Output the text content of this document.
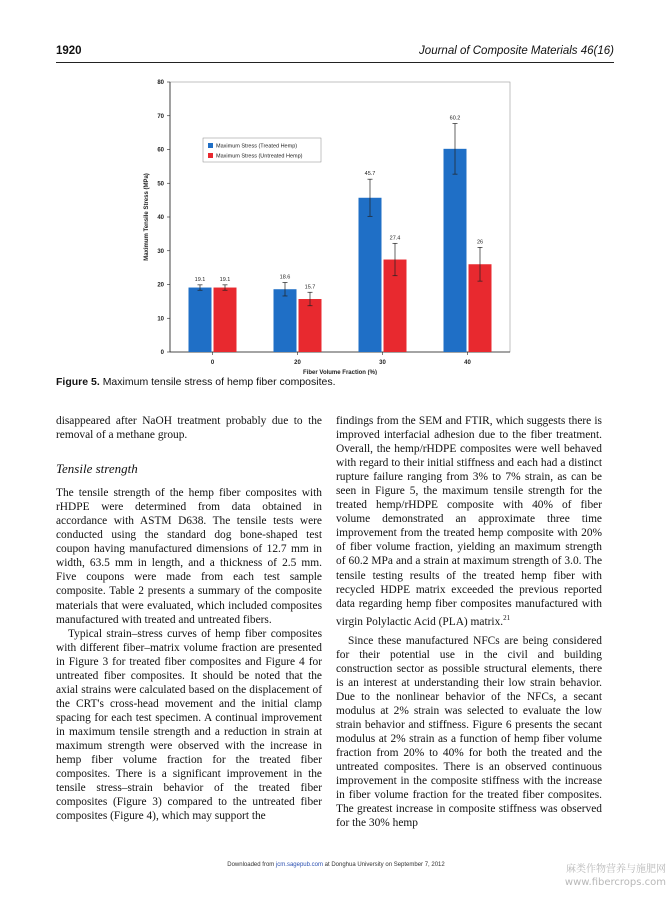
1920	Journal of Composite Materials 46(16)
0
10
20
30
40
50
60
70
80
Maximum Tensile Stress (MPa)
0
19.1	19.1
20
18.6
15.7
30
45.7
27.4
40
60.2
26
Fiber Volume Fraction (%)
Maximum Stress (Treated Hemp)
Maximum Stress (Untreated Hemp)
Figure 5. Maximum tensile stress of hemp fiber composites.

disappeared after NaOH treatment probably due to the removal of a methane group.

Tensile strength

The tensile strength of the hemp fiber composites with rHDPE were determined from data obtained in accordance with ASTM D638. The tensile tests were conducted using the standard dog bone-shaped test coupon having manufactured dimensions of 12.7 mm in width, 63.5 mm in length, and a thickness of 2.5 mm. Five coupons were made from each test sample composite. Table 2 presents a summary of the composite materials that were evaluated, which included composites manufactured with treated and untreated fibers.

Typical strain–stress curves of hemp fiber composites with different fiber–matrix volume fraction are presented in Figure 3 for treated fiber composites and Figure 4 for untreated fiber composites. It should be noted that the axial strains were calculated based on the displacement of the CRT's cross-head movement and the initial clamp spacing for each test specimen. A continual improvement in maximum tensile strength and a reduction in strain at maximum strength were observed with the increase in hemp fiber volume fraction for the treated fiber composites. There is a significant improvement in the tensile stress–strain behavior of the treated fiber composites (Figure 3) compared to the untreated fiber composites (Figure 4), which may support the

findings from the SEM and FTIR, which suggests there is improved interfacial adhesion due to the fiber treatment. Overall, the hemp/rHDPE composites were well behaved with regard to their initial stiffness and each had a distinct rupture failure ranging from 3% to 7% strain, as can be seen in Figure 5, the maximum tensile strength for the treated hemp/rHDPE composite with 40% of fiber volume demonstrated an approximate three time improvement from the treated hemp composite with 20% of fiber volume fraction, yielding an maximum strength of 60.2 MPa and a strain at maximum strength of 3.0. The tensile testing results of the treated hemp fiber with recycled HDPE matrix exceeded the previous reported data regarding hemp fiber composites manufactured with virgin Polylactic Acid (PLA) matrix.$^{21}$

Since these manufactured NFCs are being considered for their potential use in the civil and building construction sector as possible structural elements, there is an interest at understanding their low strain behavior. Due to the nonlinear behavior of the NFCs, a secant modulus at 2% strain was selected to evaluate the low strain behavior and stiffness. Figure 6 presents the secant modulus at 2% strain as a function of hemp fiber volume fraction from 20% to 40% for both the treated and the untreated composites. There is an observed continuous improvement in the composite stiffness with the increase in fiber volume fraction for the treated fiber composites. The greatest increase in composite stiffness was observed for the 30% hemp

Downloaded from jcm.sagepub.com at Donghua University on September 7, 2012	麻类作物营养与施肥网
www.fibercrops.com
